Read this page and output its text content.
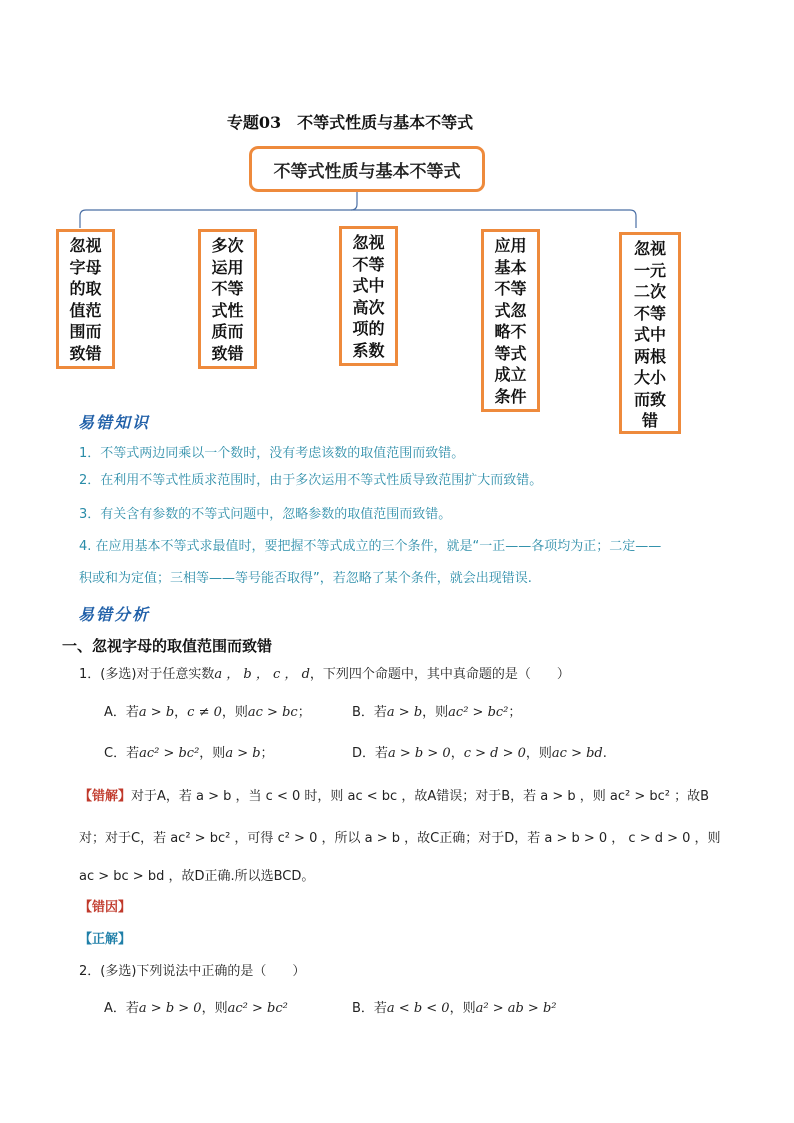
专题03　不等式性质与基本不等式
不等式性质与基本不等式
忽视
字母
的取
值范
围而
致错
多次
运用
不等
式性
质而
致错
忽视
不等
式中
高次
项的
系数
应用
基本
不等
式忽
略不
等式
成立
条件
忽视
一元
二次
不等
式中
两根
大小
而致
错
易错知识
1．不等式两边同乘以一个数时，没有考虑该数的取值范围而致错。
2．在利用不等式性质求范围时，由于多次运用不等式性质导致范围扩大而致错。
3．有关含有参数的不等式问题中，忽略参数的取值范围而致错。
4. 在应用基本不等式求最值时，要把握不等式成立的三个条件，就是“一正——各项均为正；二定——
积或和为定值；三相等——等号能否取得”，若忽略了某个条件，就会出现错误.
易错分析
一、忽视字母的取值范围而致错
1．(多选)对于任意实数a ， b ， c ， d，下列四个命题中，其中真命题的是（　　）
A．若a > b，c ≠ 0，则ac > bc；	B．若a > b，则ac² > bc²；
C．若ac² > bc²，则a > b；	D．若a > b > 0，c > d > 0，则ac > bd.
【错解】对于A，若 a > b ，当 c < 0 时，则 ac < bc ，故A错误；对于B，若 a > b ，则 ac² > bc² ；故B
对；对于C，若 ac² > bc² ，可得 c² > 0 ，所以 a > b ，故C正确；对于D，若 a > b > 0 ， c > d > 0 ，则
ac > bc > bd ，故D正确.所以选BCD。
【错因】
【正解】
2．(多选)下列说法中正确的是（　　）
A．若a > b > 0，则ac² > bc²	B．若a < b < 0，则a² > ab > b²
